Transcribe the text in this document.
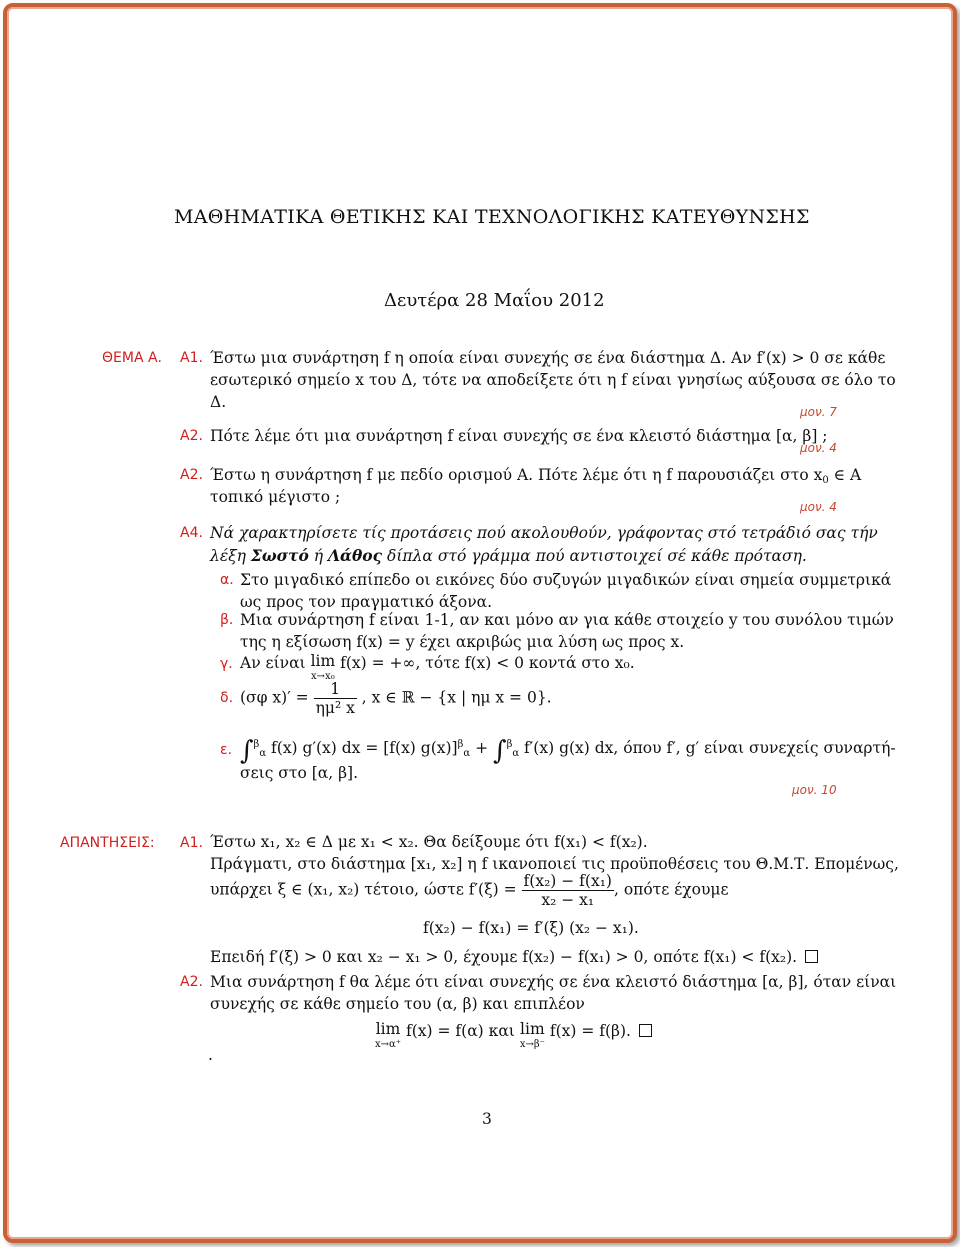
ΜΑΘΗΜΑΤΙΚΑ ΘΕΤΙΚΗΣ ΚΑΙ ΤΕΧΝΟΛΟΓΙΚΗΣ ΚΑΤΕΥΘΥΝΣΗΣ
Δευτέρα 28 Μαΐου 2012
ΘΕΜΑ Α. Α1. Έστω μια συνάρτηση f η οποία είναι συνεχής σε ένα διάστημα Δ. Αν f′(x) > 0 σε κάθε
εσωτερικό σημείο x του Δ, τότε να αποδείξετε ότι η f είναι γνησίως αύξουσα σε όλο το
Δ.
μον. 7
Α2. Πότε λέμε ότι μια συνάρτηση f είναι συνεχής σε ένα κλειστό διάστημα [α, β] ;
μον. 4
Α2. Έστω η συνάρτηση f με πεδίο ορισμού A. Πότε λέμε ότι η f παρουσιάζει στο $x_0$ ∈ A
τοπικό μέγιστο ;
μον. 4
Α4. Νά χαρακτηρίσετε τίς προτάσεις πού ακολουθούν, γράφοντας στό τετράδιό σας τήν
λέξη Σωστό ή Λάθος δίπλα στό γράμμα πού αντιστοιχεί σέ κάθε πρόταση.
α. Στο μιγαδικό επίπεδο οι εικόνες δύο συζυγών μιγαδικών είναι σημεία συμμετρικά
ως προς τον πραγματικό άξονα.
β. Μια συνάρτηση f είναι 1-1, αν και μόνο αν για κάθε στοιχείο y του συνόλου τιμών
της η εξίσωση f(x) = y έχει ακριβώς μια λύση ως προς x.
γ. Αν είναι lim
x→x₀
f(x) = +∞, τότε f(x) < 0 κοντά στο x₀.
δ. (σφ $x)' = \frac{1}{\text{ημ² x}}$ , x ∈ ℝ − {x | ημ x = 0}.
ε. ∫$^\beta_\alpha$ f(x) g′(x) dx = [f(x) g(x)]$^\beta_\alpha$ + ∫$^\beta_\alpha$ f′(x) g(x) dx, όπου f′, g′ είναι συνεχείς συναρτή-
σεις στο [α, β].
μον. 10
ΑΠΑΝΤΗΣΕΙΣ: Α1. Έστω x₁, x₂ ∈ Δ με x₁ < x₂. Θα δείξουμε ότι f(x₁) < f(x₂).
Πράγματι, στο διάστημα [x₁, x₂] η f ικανοποιεί τις προϋποθέσεις του Θ.Μ.Τ. Επομένως,
υπάρχει ξ ∈ (x₁, x₂) τέτοιο, ώστε $f'(\xi) = \frac{\text{f(x₂) − f(x₁)}}{\text{x₂ − x₁}}$ , οπότε έχουμε
f(x₂) − f(x₁) = f′(ξ) (x₂ − x₁).
Επειδή f′(ξ) > 0 και x₂ − x₁ > 0, έχουμε f(x₂) − f(x₁) > 0, οπότε f(x₁) < f(x₂).
Α2. Μια συνάρτηση f θα λέμε ότι είναι συνεχής σε ένα κλειστό διάστημα [α, β], όταν είναι
συνεχής σε κάθε σημείο του (α, β) και επιπλέον
lim
x→α⁺
f(x) = f(α) και lim
x→β⁻
f(x) = f(β).
.
3
